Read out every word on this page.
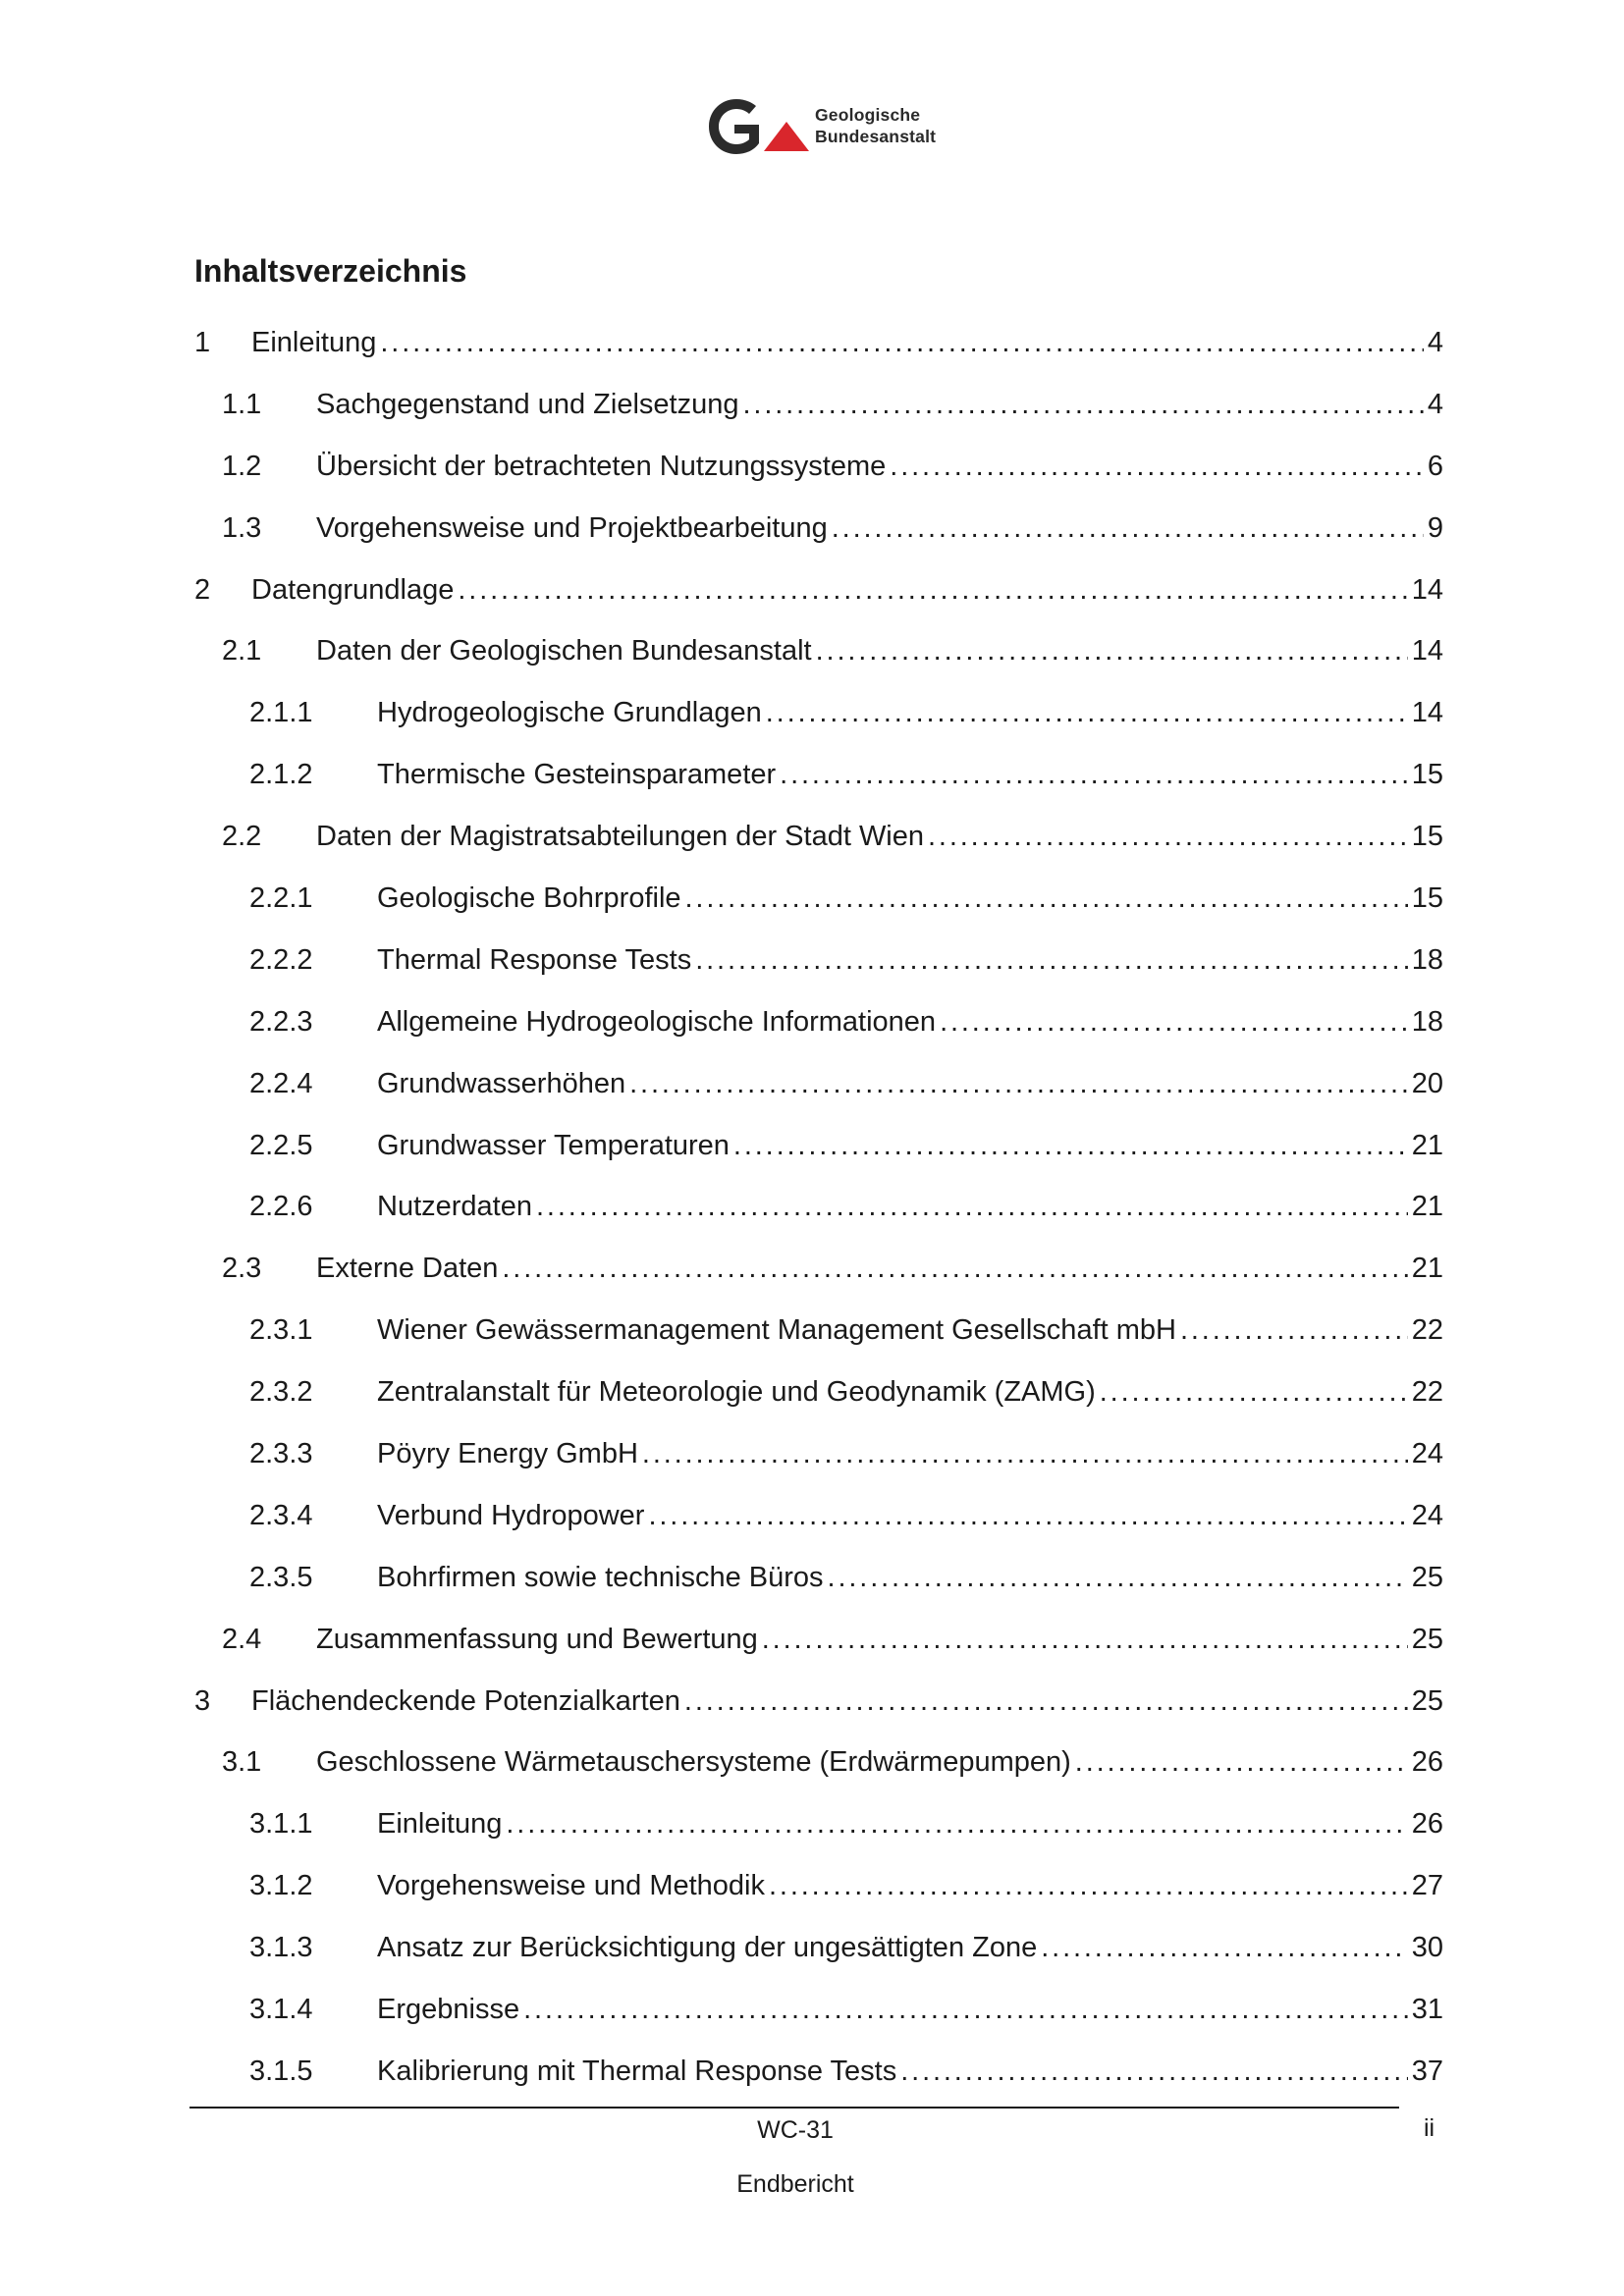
Geologische
Bundesanstalt
Inhaltsverzeichnis
1	Einleitung . . .	4
1.1	Sachgegenstand und Zielsetzung . . .	4
1.2	Übersicht der betrachteten Nutzungssysteme . . .	6
1.3	Vorgehensweise und Projektbearbeitung . . .	9
2	Datengrundlage . . .	14
2.1	Daten der Geologischen Bundesanstalt . . .	14
2.1.1	Hydrogeologische Grundlagen . . .	14
2.1.2	Thermische Gesteinsparameter . . .	15
2.2	Daten der Magistratsabteilungen der Stadt Wien . . .	15
2.2.1	Geologische Bohrprofile . . .	15
2.2.2	Thermal Response Tests . . .	18
2.2.3	Allgemeine Hydrogeologische Informationen . . .	18
2.2.4	Grundwasserhöhen . . .	20
2.2.5	Grundwasser Temperaturen . . .	21
2.2.6	Nutzerdaten . . .	21
2.3	Externe Daten . . .	21
2.3.1	Wiener Gewässermanagement Management Gesellschaft mbH . . .	22
2.3.2	Zentralanstalt für Meteorologie und Geodynamik (ZAMG) . . .	22
2.3.3	Pöyry Energy GmbH . . .	24
2.3.4	Verbund Hydropower . . .	24
2.3.5	Bohrfirmen sowie technische Büros . . .	25
2.4	Zusammenfassung und Bewertung . . .	25
3	Flächendeckende Potenzialkarten . . .	25
3.1	Geschlossene Wärmetauschersysteme (Erdwärmepumpen) . . .	26
3.1.1	Einleitung . . .	26
3.1.2	Vorgehensweise und Methodik . . .	27
3.1.3	Ansatz zur Berücksichtigung der ungesättigten Zone . . .	30
3.1.4	Ergebnisse . . .	31
3.1.5	Kalibrierung mit Thermal Response Tests . . .	37
WC-31	ii
Endbericht
